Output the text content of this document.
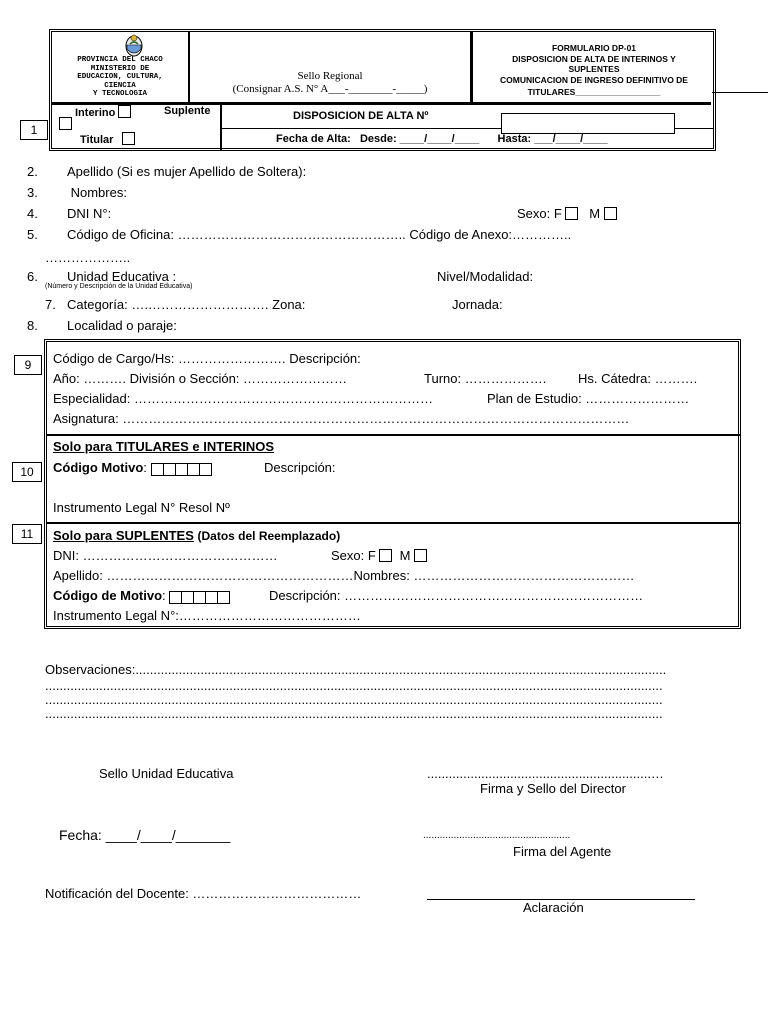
PROVINCIA DEL CHACO
MINISTERIO DE
EDUCACION, CULTURA,
CIENCIA
Y TECNOLOGIA
Sello Regional
(Consignar A.S. N° A___-________-_____)
FORMULARIO DP-01
DISPOSICION DE ALTA DE INTERINOS Y
SUPLENTES
COMUNICACION DE INGRESO DEFINITIVO DE
TITULARES__________________
Interino	Suplente
Titular
DISPOSICION DE ALTA Nº
Fecha de Alta:   Desde: ____/____/____      Hasta: ___/____/____
1
2. Apellido (Si es mujer Apellido de Soltera):
3. Nombres:
4. DNI N°:	Sexo: F M
5. Código de Oficina: …………………………………………….. Código de Anexo:…………..
………………..
6. Unidad Educativa :
(Número y Descripción de la Unidad Educativa)
Nivel/Modalidad:
7. Categoría: ….………………………. Zona:	Jornada:
8. Localidad o paraje:
9
10
11
Código de Cargo/Hs: ……………………. Descripción:
Año: ………. División o Sección: ……………………	Turno: ………………. Hs. Cátedra: ……….
Especialidad: ……………………………………………………………	Plan de Estudio: ……………………
Asignatura: ………………………………………………………………………………………………………
Solo para TITULARES e INTERINOS
Código Motivo:	Descripción:
Instrumento Legal N° Resol Nº
Solo para SUPLENTES (Datos del Reemplazado)
DNI: ………………………………………	Sexo: F M
Apellido: …………………………………………………Nombres: ……………………………………………
Código de Motivo:	Descripción: ……………………………………………………………
Instrumento Legal N°:……………………………………
Observaciones:...................................................................................................................................................
...........................................................................................................................................................................
...........................................................................................................................................................................
...........................................................................................................................................................................
Sello Unidad Educativa	..............................................................…
Firma y Sello del Director
Fecha: ____/____/_______	.....................................................
Firma del Agente
Notificación del Docente: …………………………………
Aclaración
